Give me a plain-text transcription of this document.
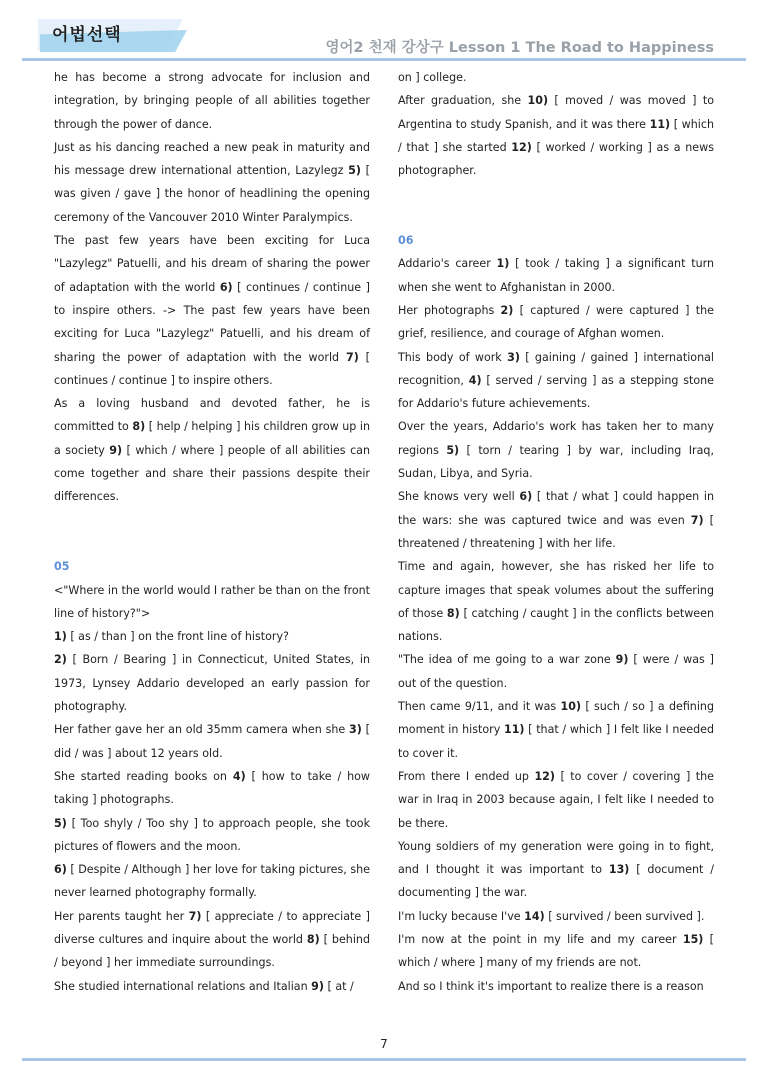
어법선택
영어2 천재 강상구 Lesson 1 The Road to Happiness
he has become a strong advocate for inclusion and integration, by bringing people of all abilities together through the power of dance.
Just as his dancing reached a new peak in maturity and his message drew international attention, Lazylegz 5) [ was given / gave ] the honor of headlining the opening ceremony of the Vancouver 2010 Winter Paralympics.
The past few years have been exciting for Luca "Lazylegz" Patuelli, and his dream of sharing the power of adaptation with the world 6) [ continues / continue ] to inspire others. -> The past few years have been exciting for Luca "Lazylegz" Patuelli, and his dream of sharing the power of adaptation with the world 7) [ continues / continue ] to inspire others.
As a loving husband and devoted father, he is committed to 8) [ help / helping ] his children grow up in a society 9) [ which / where ] people of all abilities can come together and share their passions despite their differences.
05
<"Where in the world would I rather be than on the front line of history?">
1) [ as / than ] on the front line of history?
2) [ Born / Bearing ] in Connecticut, United States, in 1973, Lynsey Addario developed an early passion for photography.
Her father gave her an old 35mm camera when she 3) [ did / was ] about 12 years old.
She started reading books on 4) [ how to take / how taking ] photographs.
5) [ Too shyly / Too shy ] to approach people, she took pictures of flowers and the moon.
6) [ Despite / Although ] her love for taking pictures, she never learned photography formally.
Her parents taught her 7) [ appreciate / to appreciate ] diverse cultures and inquire about the world 8) [ behind / beyond ] her immediate surroundings.
She studied international relations and Italian 9) [ at /
on ] college.
After graduation, she 10) [ moved / was moved ] to Argentina to study Spanish, and it was there 11) [ which / that ] she started 12) [ worked / working ] as a news photographer.
06
Addario's career 1) [ took / taking ] a significant turn when she went to Afghanistan in 2000.
Her photographs 2) [ captured / were captured ] the grief, resilience, and courage of Afghan women.
This body of work 3) [ gaining / gained ] international recognition, 4) [ served / serving ] as a stepping stone for Addario's future achievements.
Over the years, Addario's work has taken her to many regions 5) [ torn / tearing ] by war, including Iraq, Sudan, Libya, and Syria.
She knows very well 6) [ that / what ] could happen in the wars: she was captured twice and was even 7) [ threatened / threatening ] with her life.
Time and again, however, she has risked her life to capture images that speak volumes about the suffering of those 8) [ catching / caught ] in the conflicts between nations.
"The idea of me going to a war zone 9) [ were / was ] out of the question.
Then came 9/11, and it was 10) [ such / so ] a defining moment in history 11) [ that / which ] I felt like I needed to cover it.
From there I ended up 12) [ to cover / covering ] the war in Iraq in 2003 because again, I felt like I needed to be there.
Young soldiers of my generation were going in to fight, and I thought it was important to 13) [ document / documenting ] the war.
I'm lucky because I've 14) [ survived / been survived ].
I'm now at the point in my life and my career 15) [ which / where ] many of my friends are not.
And so I think it's important to realize there is a reason
7
